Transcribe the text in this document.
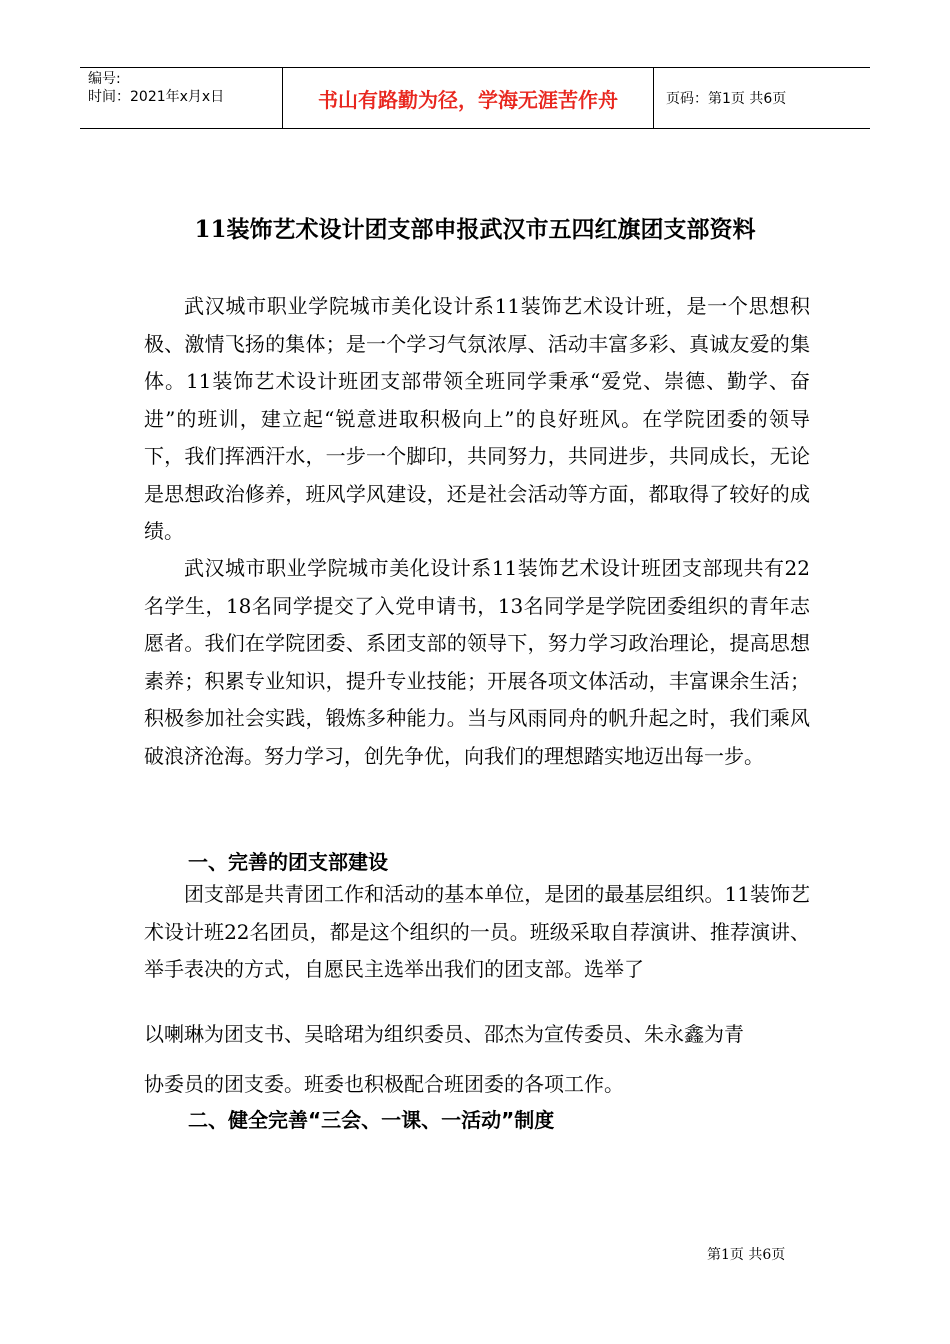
编号:
时间：2021年x月x日	书山有路勤为径，学海无涯苦作舟	页码：第1页 共6页
11装饰艺术设计团支部申报武汉市五四红旗团支部资料

武汉城市职业学院城市美化设计系11装饰艺术设计班，是一个思想积极、激情飞扬的集体；是一个学习气氛浓厚、活动丰富多彩、真诚友爱的集体。11装饰艺术设计班团支部带领全班同学秉承“爱党、崇德、勤学、奋进”的班训，建立起“锐意进取积极向上”的良好班风。在学院团委的领导下，我们挥洒汗水，一步一个脚印，共同努力，共同进步，共同成长，无论是思想政治修养，班风学风建设，还是社会活动等方面，都取得了较好的成绩。

武汉城市职业学院城市美化设计系11装饰艺术设计班团支部现共有22名学生，18名同学提交了入党申请书，13名同学是学院团委组织的青年志愿者。我们在学院团委、系团支部的领导下，努力学习政治理论，提高思想素养；积累专业知识，提升专业技能；开展各项文体活动，丰富课余生活；积极参加社会实践，锻炼多种能力。当与风雨同舟的帆升起之时，我们乘风破浪济沧海。努力学习，创先争优，向我们的理想踏实地迈出每一步。

一、完善的团支部建设

团支部是共青团工作和活动的基本单位，是团的最基层组织。11装饰艺术设计班22名团员，都是这个组织的一员。班级采取自荐演讲、推荐演讲、举手表决的方式，自愿民主选举出我们的团支部。选举了

以喇琳为团支书、吴晗珺为组织委员、邵杰为宣传委员、朱永鑫为青
协委员的团支委。班委也积极配合班团委的各项工作。
二、健全完善“三会、一课、一活动”制度
第1页 共6页
